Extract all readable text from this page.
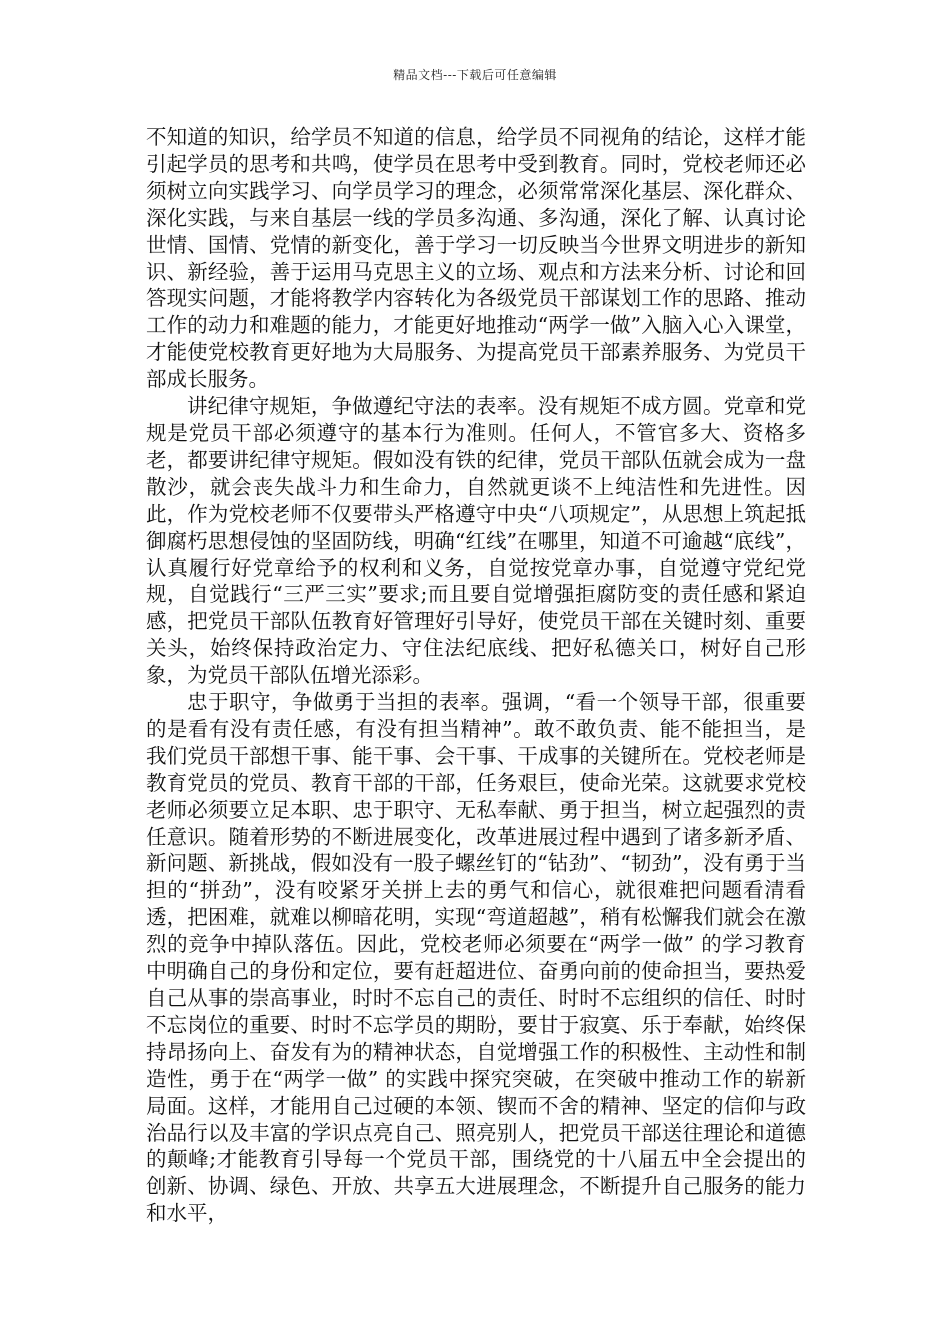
精品文档---下载后可任意编辑

不知道的知识，给学员不知道的信息，给学员不同视角的结论，这样才能引起学员的思考和共鸣，使学员在思考中受到教育。同时，党校老师还必须树立向实践学习、向学员学习的理念，必须常常深化基层、深化群众、深化实践，与来自基层一线的学员多沟通、多沟通，深化了解、认真讨论世情、国情、党情的新变化，善于学习一切反映当今世界文明进步的新知识、新经验，善于运用马克思主义的立场、观点和方法来分析、讨论和回答现实问题，才能将教学内容转化为各级党员干部谋划工作的思路、推动工作的动力和难题的能力，才能更好地推动“两学一做”入脑入心入课堂，才能使党校教育更好地为大局服务、为提高党员干部素养服务、为党员干部成长服务。

讲纪律守规矩，争做遵纪守法的表率。没有规矩不成方圆。党章和党规是党员干部必须遵守的基本行为准则。任何人，不管官多大、资格多老，都要讲纪律守规矩。假如没有铁的纪律，党员干部队伍就会成为一盘散沙，就会丧失战斗力和生命力，自然就更谈不上纯洁性和先进性。因此，作为党校老师不仅要带头严格遵守中央“八项规定”，从思想上筑起抵御腐朽思想侵蚀的坚固防线，明确“红线”在哪里，知道不可逾越“底线”， 认真履行好党章给予的权利和义务，自觉按党章办事，自觉遵守党纪党规，自觉践行“三严三实”要求;而且要自觉增强拒腐防变的责任感和紧迫感，把党员干部队伍教育好管理好引导好，使党员干部在关键时刻、重要关头，始终保持政治定力、守住法纪底线、把好私德关口，树好自己形象，为党员干部队伍增光添彩。

忠于职守，争做勇于当担的表率。强调，“看一个领导干部，很重要的是看有没有责任感，有没有担当精神”。敢不敢负责、能不能担当，是我们党员干部想干事、能干事、会干事、干成事的关键所在。党校老师是教育党员的党员、教育干部的干部，任务艰巨，使命光荣。这就要求党校老师必须要立足本职、忠于职守、无私奉献、勇于担当，树立起强烈的责任意识。随着形势的不断进展变化，改革进展过程中遇到了诸多新矛盾、新问题、新挑战，假如没有一股子螺丝钉的“钻劲”、“韧劲”，没有勇于当担的“拼劲”，没有咬紧牙关拼上去的勇气和信心，就很难把问题看清看透，把困难，就难以柳暗花明，实现“弯道超越”，稍有松懈我们就会在激烈的竞争中掉队落伍。因此，党校老师必须要在“两学一做” 的学习教育中明确自己的身份和定位，要有赶超进位、奋勇向前的使命担当，要热爱自己从事的崇高事业，时时不忘自己的责任、时时不忘组织的信任、时时不忘岗位的重要、时时不忘学员的期盼，要甘于寂寞、乐于奉献，始终保持昂扬向上、奋发有为的精神状态，自觉增强工作的积极性、主动性和制造性，勇于在“两学一做” 的实践中探究突破，在突破中推动工作的崭新局面。这样，才能用自己过硬的本领、锲而不舍的精神、坚定的信仰与政治品行以及丰富的学识点亮自己、照亮别人，把党员干部送往理论和道德的颠峰;才能教育引导每一个党员干部，围绕党的十八届五中全会提出的创新、协调、绿色、开放、共享五大进展理念，不断提升自己服务的能力和水平，
